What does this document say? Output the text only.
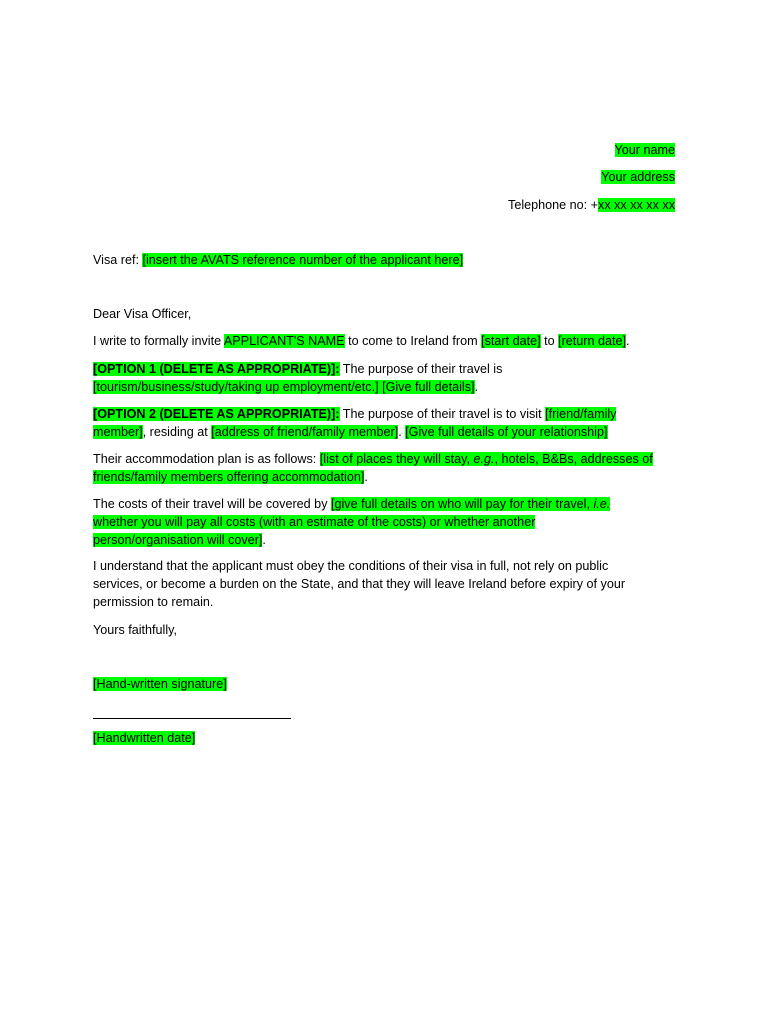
Your name
Your address
Telephone no: +xx xx xx xx xx
Visa ref: [insert the AVATS reference number of the applicant here]
Dear Visa Officer,
I write to formally invite APPLICANT'S NAME to come to Ireland from [start date] to [return date].
[OPTION 1 (DELETE AS APPROPRIATE)]: The purpose of their travel is
[tourism/business/study/taking up employment/etc.] [Give full details].
[OPTION 2 (DELETE AS APPROPRIATE)]: The purpose of their travel is to visit [friend/family
member], residing at [address of friend/family member]. [Give full details of your relationship]
Their accommodation plan is as follows: [list of places they will stay, e.g., hotels, B&Bs, addresses of
friends/family members offering accommodation].
The costs of their travel will be covered by [give full details on who will pay for their travel, i.e.
whether you will pay all costs (with an estimate of the costs) or whether another
person/organisation will cover].
I understand that the applicant must obey the conditions of their visa in full, not rely on public
services, or become a burden on the State, and that they will leave Ireland before expiry of your
permission to remain.
Yours faithfully,
[Hand-written signature]
[Handwritten date]
